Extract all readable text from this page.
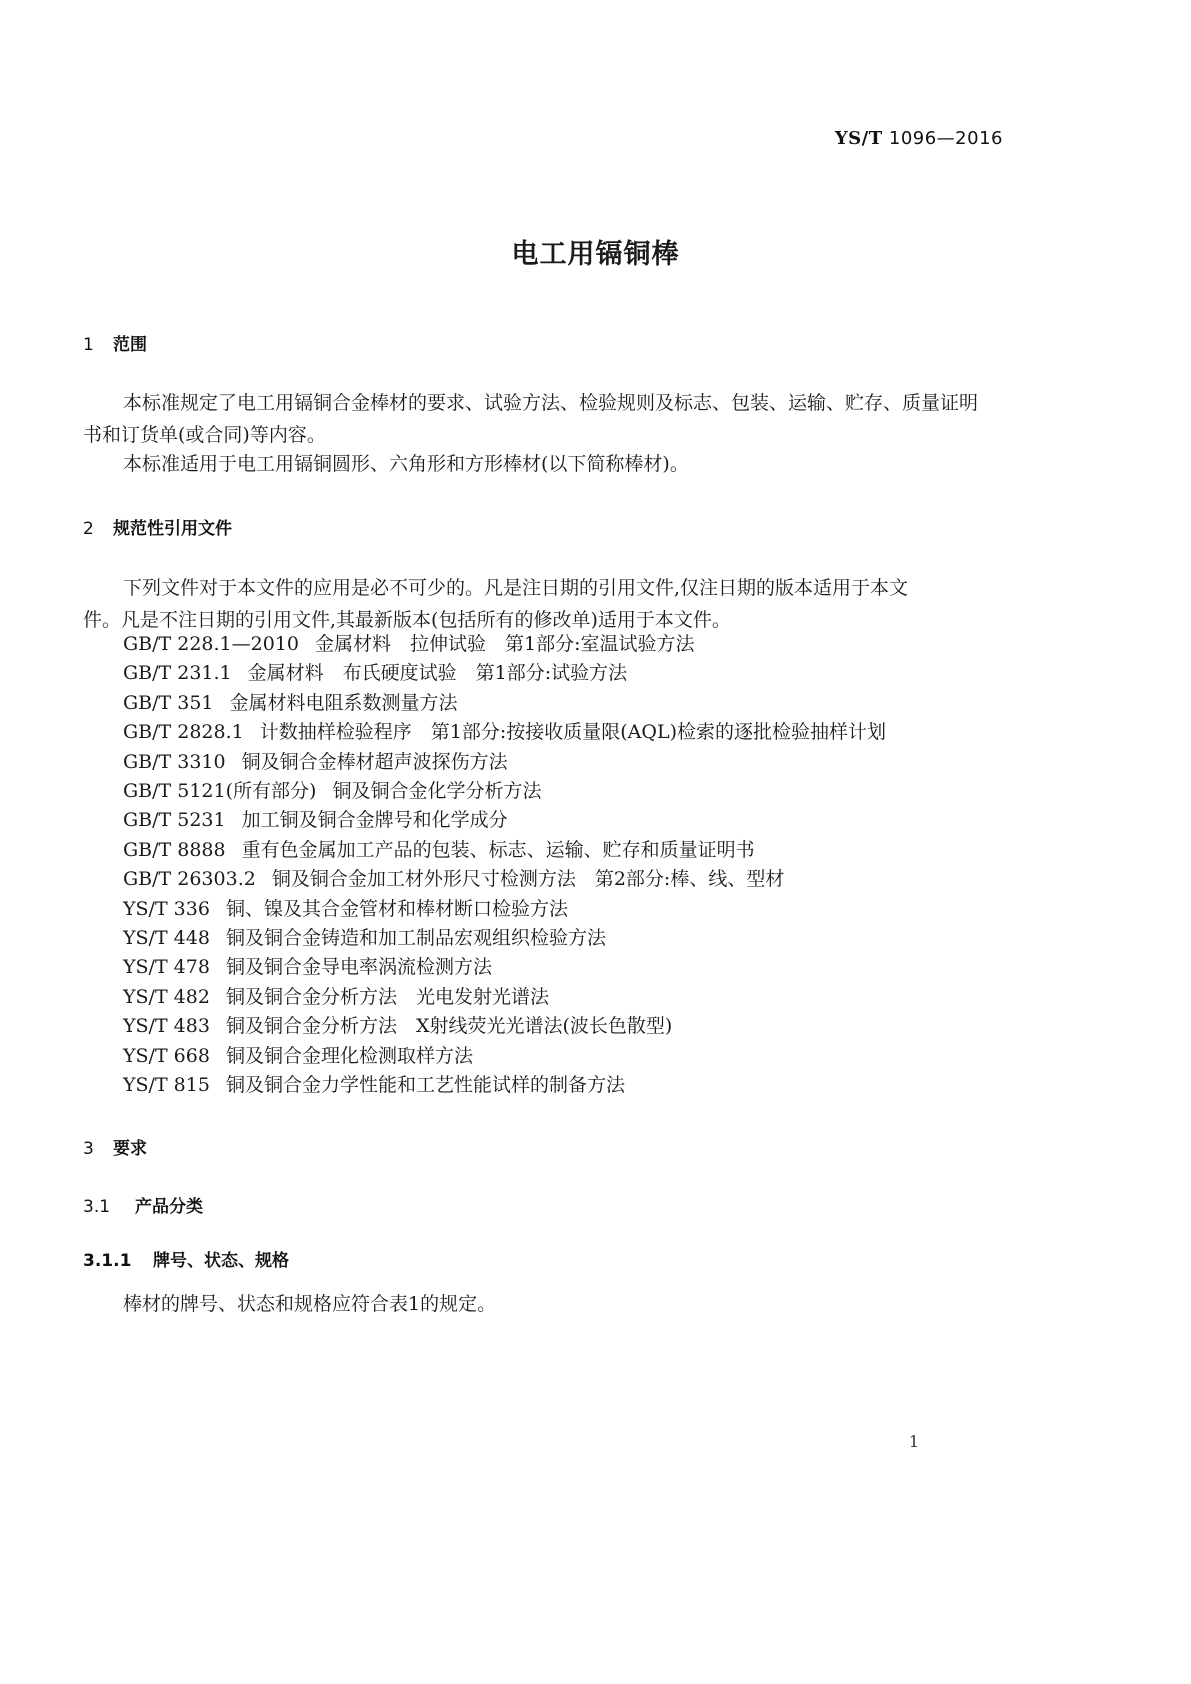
YS/T 1096—2016
电工用镉铜棒
1 范围
本标准规定了电工用镉铜合金棒材的要求、试验方法、检验规则及标志、包装、运输、贮存、质量证明
书和订货单(或合同)等内容。
本标准适用于电工用镉铜圆形、六角形和方形棒材(以下简称棒材)。
2 规范性引用文件
下列文件对于本文件的应用是必不可少的。凡是注日期的引用文件,仅注日期的版本适用于本文
件。凡是不注日期的引用文件,其最新版本(包括所有的修改单)适用于本文件。
GB/T 228.1—2010 金属材料　拉伸试验　第1部分:室温试验方法
GB/T 231.1 金属材料　布氏硬度试验　第1部分:试验方法
GB/T 351 金属材料电阻系数测量方法
GB/T 2828.1 计数抽样检验程序　第1部分:按接收质量限(AQL)检索的逐批检验抽样计划
GB/T 3310 铜及铜合金棒材超声波探伤方法
GB/T 5121(所有部分) 铜及铜合金化学分析方法
GB/T 5231 加工铜及铜合金牌号和化学成分
GB/T 8888 重有色金属加工产品的包装、标志、运输、贮存和质量证明书
GB/T 26303.2 铜及铜合金加工材外形尺寸检测方法　第2部分:棒、线、型材
YS/T 336 铜、镍及其合金管材和棒材断口检验方法
YS/T 448 铜及铜合金铸造和加工制品宏观组织检验方法
YS/T 478 铜及铜合金导电率涡流检测方法
YS/T 482 铜及铜合金分析方法　光电发射光谱法
YS/T 483 铜及铜合金分析方法　X射线荧光光谱法(波长色散型)
YS/T 668 铜及铜合金理化检测取样方法
YS/T 815 铜及铜合金力学性能和工艺性能试样的制备方法
3 要求
3.1 产品分类
3.1.1 牌号、状态、规格
棒材的牌号、状态和规格应符合表1的规定。
1
